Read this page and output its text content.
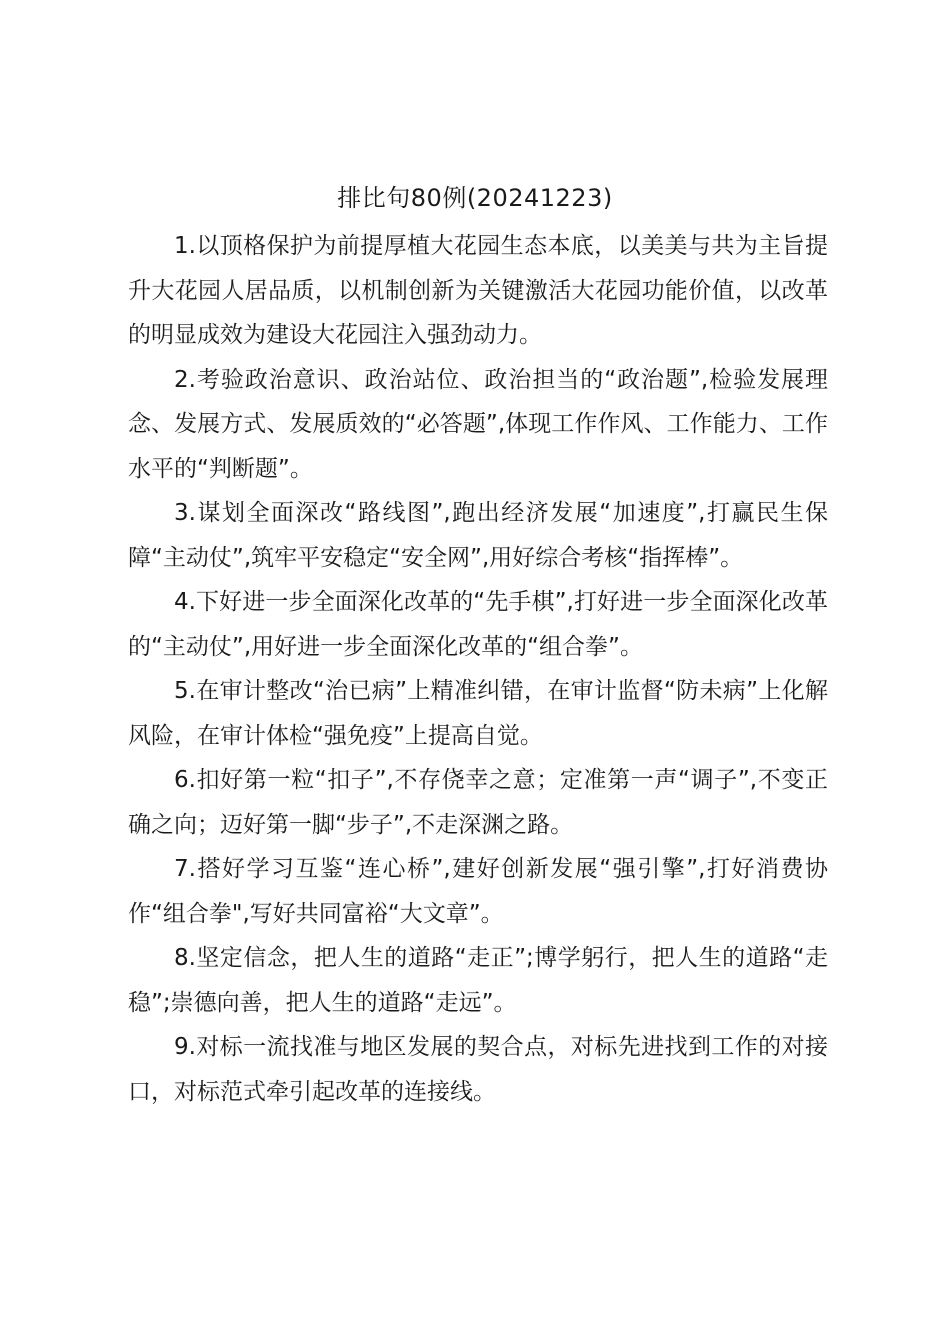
排比句80例(20241223)

1.以顶格保护为前提厚植大花园生态本底，以美美与共为主旨提升大花园人居品质，以机制创新为关键激活大花园功能价值，以改革的明显成效为建设大花园注入强劲动力。

2.考验政治意识、政治站位、政治担当的“政治题”,检验发展理念、发展方式、发展质效的“必答题”,体现工作作风、工作能力、工作水平的“判断题”。

3.谋划全面深改“路线图”,跑出经济发展“加速度”,打赢民生保障“主动仗”,筑牢平安稳定“安全网”,用好综合考核“指挥棒”。

4.下好进一步全面深化改革的“先手棋”,打好进一步全面深化改革的“主动仗”,用好进一步全面深化改革的“组合拳”。

5.在审计整改“治已病”上精准纠错，在审计监督“防未病”上化解风险，在审计体检“强免疫”上提高自觉。

6.扣好第一粒“扣子”,不存侥幸之意；定准第一声“调子”,不变正确之向；迈好第一脚“步子”,不走深渊之路。

7.搭好学习互鉴“连心桥”,建好创新发展“强引擎”,打好消费协作“组合拳",写好共同富裕“大文章”。

8.坚定信念，把人生的道路“走正”;博学躬行，把人生的道路“走稳”;崇德向善，把人生的道路“走远”。

9.对标一流找准与地区发展的契合点，对标先进找到工作的对接口，对标范式牵引起改革的连接线。
